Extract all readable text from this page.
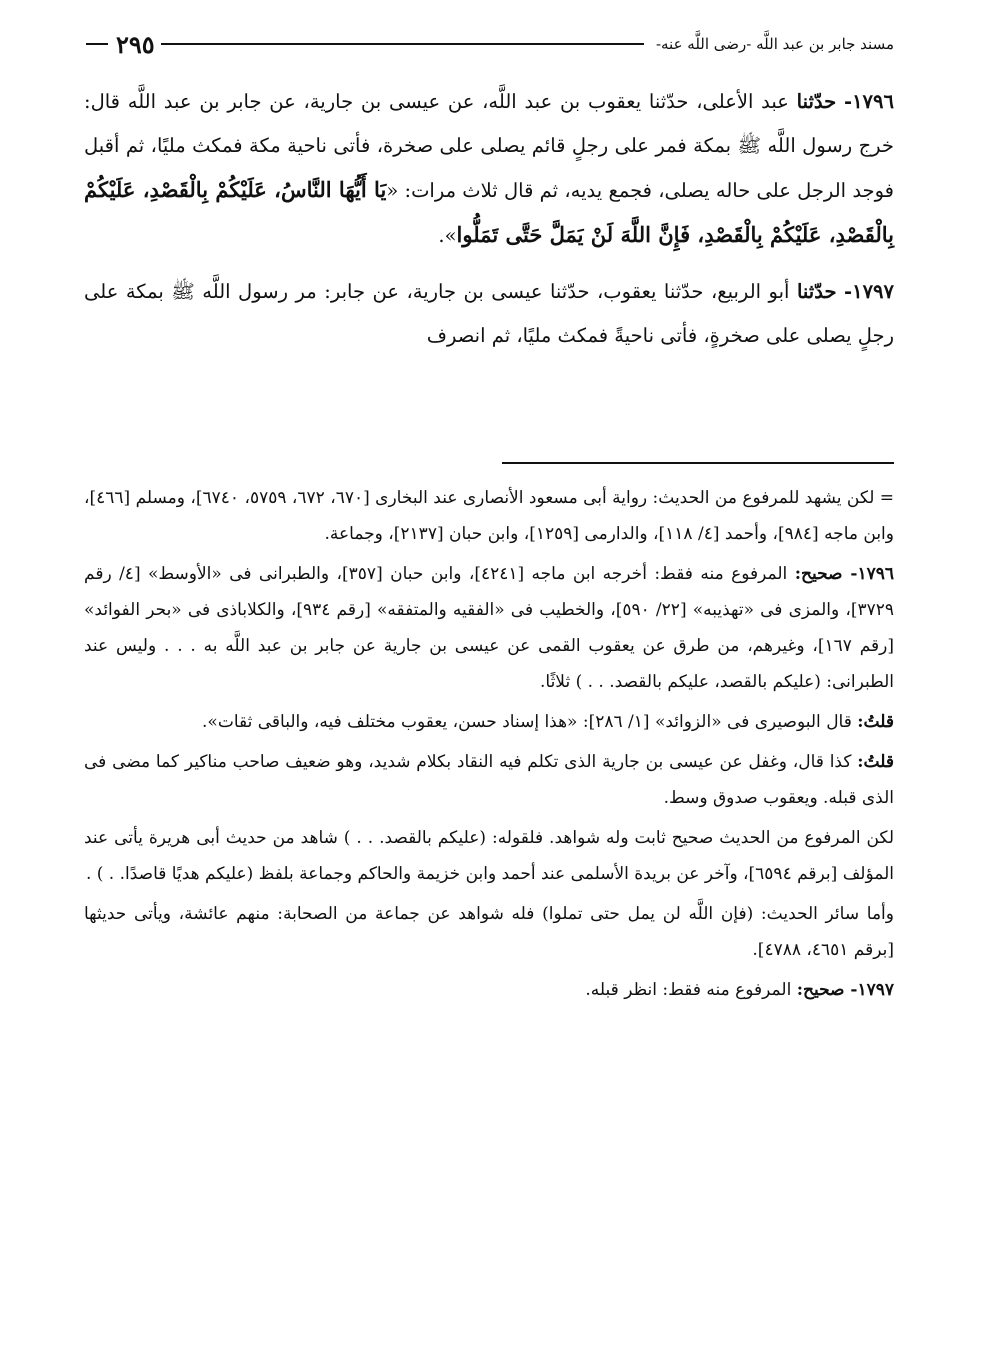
مسند جابر بن عبد اللَّه -رضى اللَّه عنه-
٢٩٥

١٧٩٦- حدّثنا عبد الأعلى، حدّثنا يعقوب بن عبد اللَّه، عن عيسى بن جارية، عن جابر بن عبد اللَّه قال: خرج رسول اللَّه ﷺ بمكة فمر على رجلٍ قائم يصلى على صخرة، فأتى ناحية مكة فمكث مليًا، ثم أقبل فوجد الرجل على حاله يصلى، فجمع يديه، ثم قال ثلاث مرات: «يَا أَيُّهَا النَّاسُ، عَلَيْكُمْ بِالْقَصْدِ، عَلَيْكُمْ بِالْقَصْدِ، عَلَيْكُمْ بِالْقَصْدِ، فَإِنَّ اللَّهَ لَنْ يَمَلَّ حَتَّى تَمَلُّوا».

١٧٩٧- حدّثنا أبو الربيع، حدّثنا يعقوب، حدّثنا عيسى بن جارية، عن جابر: مر رسول اللَّه ﷺ بمكة على رجلٍ يصلى على صخرةٍ، فأتى ناحيةً فمكث مليًا، ثم انصرف

= لكن يشهد للمرفوع من الحديث: رواية أبى مسعود الأنصارى عند البخارى [٦٧٠، ٦٧٢، ٥٧٥٩، ٦٧٤٠]، ومسلم [٤٦٦]، وابن ماجه [٩٨٤]، وأحمد [٤/ ١١٨]، والدارمى [١٢٥٩]، وابن حبان [٢١٣٧]، وجماعة.

١٧٩٦- صحيح: المرفوع منه فقط: أخرجه ابن ماجه [٤٢٤١]، وابن حبان [٣٥٧]، والطبرانى فى «الأوسط» [٤/ رقم ٣٧٢٩]، والمزى فى «تهذيبه» [٢٢/ ٥٩٠]، والخطيب فى «الفقيه والمتفقه» [رقم ٩٣٤]، والكلاباذى فى «بحر الفوائد» [رقم ١٦٧]، وغيرهم، من طرق عن يعقوب القمى عن عيسى بن جارية عن جابر بن عبد اللَّه به . . . وليس عند الطبرانى: (عليكم بالقصد، عليكم بالقصد. . . ) ثلاثًا.

قلتُ: قال البوصيرى فى «الزوائد» [١/ ٢٨٦]: «هذا إسناد حسن، يعقوب مختلف فيه، والباقى ثقات».

قلتُ: كذا قال، وغفل عن عيسى بن جارية الذى تكلم فيه النقاد بكلام شديد، وهو ضعيف صاحب مناكير كما مضى فى الذى قبله. ويعقوب صدوق وسط.

لكن المرفوع من الحديث صحيح ثابت وله شواهد. فلقوله: (عليكم بالقصد. . . ) شاهد من حديث أبى هريرة يأتى عند المؤلف [برقم ٦٥٩٤]، وآخر عن بريدة الأسلمى عند أحمد وابن خزيمة والحاكم وجماعة بلفظ (عليكم هديًا قاصدًا. . ) .

وأما سائر الحديث: (فإن اللَّه لن يمل حتى تملوا) فله شواهد عن جماعة من الصحابة: منهم عائشة، ويأتى حديثها [برقم ٤٦٥١، ٤٧٨٨].

١٧٩٧- صحيح: المرفوع منه فقط: انظر قبله.
